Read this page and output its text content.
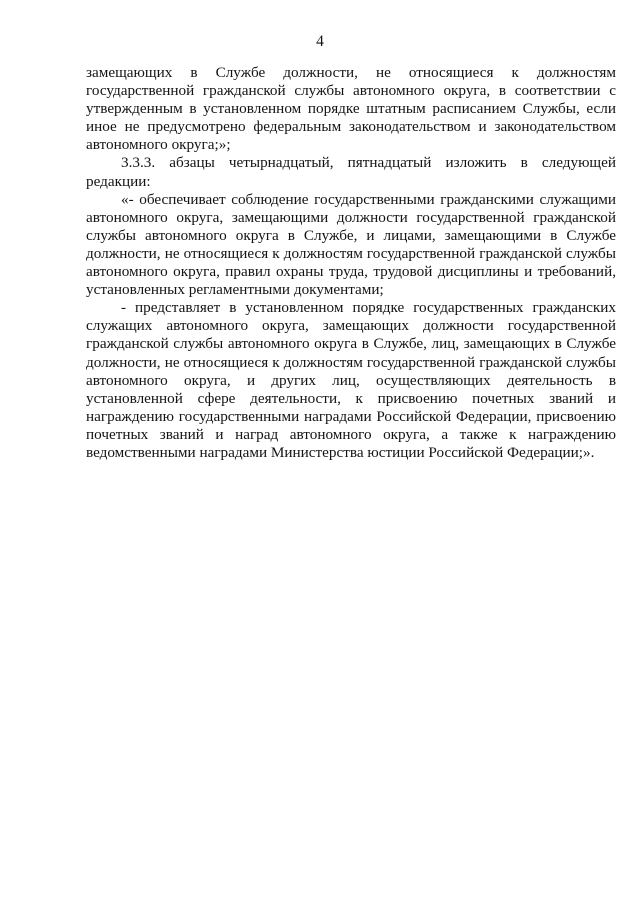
4

замещающих в Службе должности, не относящиеся к должностям государственной гражданской службы автономного округа, в соответствии с утвержденным в установленном порядке штатным расписанием Службы, если иное не предусмотрено федеральным законодательством и законодательством автономного округа;»;

3.3.3. абзацы четырнадцатый, пятнадцатый изложить в следующей редакции:

«- обеспечивает соблюдение государственными гражданскими служащими автономного округа, замещающими должности государственной гражданской службы автономного округа в Службе, и лицами, замещающими в Службе должности, не относящиеся к должностям государственной гражданской службы автономного округа, правил охраны труда, трудовой дисциплины и требований, установленных регламентными документами;

- представляет в установленном порядке государственных гражданских служащих автономного округа, замещающих должности государственной гражданской службы автономного округа в Службе, лиц, замещающих в Службе должности, не относящиеся к должностям государственной гражданской службы автономного округа, и других лиц, осуществляющих деятельность в установленной сфере деятельности, к присвоению почетных званий и награждению государственными наградами Российской Федерации, присвоению почетных званий и наград автономного округа, а также к награждению ведомственными наградами Министерства юстиции Российской Федерации;».
